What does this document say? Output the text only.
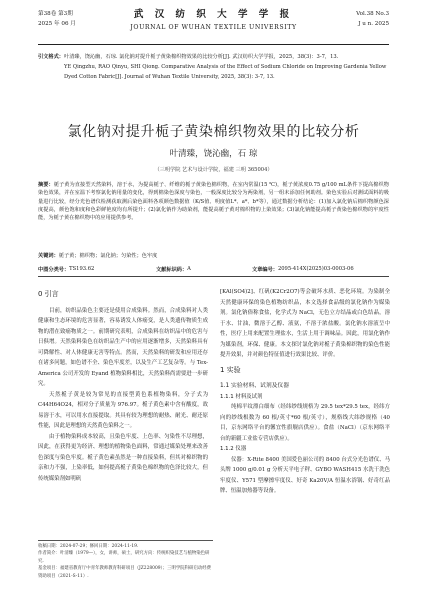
第38卷 第3期
2025 年 06 月
武 汉 纺 织 大 学 学 报
JOURNAL OF WUHAN TEXTILE UNIVERSITY
Vol.38 No.3
J u n. 2025
引文格式： 叶清臻，饶沁幽，石琼. 氯化钠对提升栀子黄染棉织物效果的比较分析[J]. 武汉纺织大学学报，2025，38(3)：3-7，13.
YE Qingzhu, RAO Qinyu, SHI Qiong. Comparative Analysis of the Effect of Sodium Chloride on Improving Gardenia Yellow Dyed Cotton Fabric[J]. Journal of Wuhan Textile University, 2025, 38(3): 3-7, 13.
氯化钠对提升栀子黄染棉织物效果的比较分析
叶清臻，饶沁幽，石 琼
（三明学院 艺术与设计学院，福建 三明 365004）
摘要：栀子黄为直接型天然染料，溶于水，为提高栀子、纤维的栀子黄染色棉织物，在室内常温(15 ℃)，栀子黄浓度0.75 g/100 mL条件下提高棉织物染色效果，并在室温下考察氯化钠用量的变化，得到棉染色深度与染色，一般深度比较分为两染剂，另一组未添加任何助剂。染色实验后对测试面料的吸量进行比较，经分光色谱仪检测获取测后染色面料各项颜色数据值（K/S值、明度值L*、a*、b*等），通过数据分析结论：(1)加入氯化钠后棉织物颜色深度提高，颜色饱和度和色彩鲜艳度均有所提升；(2)氯化钠作为助染剂，能提高栀子黄对棉织物的上染效果；(3)氯化钠能提高栀子黄染色棉织物的牢度性能，为栀子黄在棉织物中的应用提供参考。
关键词：栀子黄；棉织物；氯化钠；匀染性；色牢度
中图分类号： TS193.62	文献标识码： A	文章编号： 2095-414X(2025)03-0003-06
0 引言

目前，纺织品染色主要还是使用合成染料。然而，合成染料对人类健康和生态环境的危害显著，容易诱发人体癌变，是人类遗传物质生成物的潜在致癌物质之一。前期研究表明，合成染料在纺织品中的危害与日俱增。天然染料染色在纺织品生产中的应用逐渐增多，天然染料具有可降解性、对人体健康无害等特点。然而，天然染料的研发和应用还存在诸多问题，如色谱不全、染色牢度差，以及生产工艺复杂等。与 Tex-America 公司开发的 Eyand 植物染料相比，天然染料尚需要进一步研究。

天然栀子黄是较为常见的直接型黄色系植物染料，分子式为 C44H64O24，相对分子质量为 976.97。栀子黄色素中含有酸度，故易溶于水，可以用水直接提取。其具有较为理想的耐热、耐光、耐还原性能，因此是理想的天然黄色染料之一。

由于植物染料成本较高，且染色牢度、上色率、匀染性不尽理想，因此，在获得更为经济、理想的植物染色面料，常通过媒染处理来改善色深度与染色牢度。栀子黄色素虽然是一种直接染料，但其对棉织物的亲和力不强，上染率低，如何提高栀子黄染色棉织物的色泽比较大，但传统媒染剂如明矾

[KAl(SO4)2]、红矾(K2Cr2O7)等会破坏水质、恶化环境。为染制全天然健康环保的染色植物纺织品，本文选择食品级的氯化钠作为媒染剂。氯化钠俗称食盐，化学式为 NaCl，无色立方结晶或白色结晶，溶于水、甘油，微溶于乙醇、液氨，不溶于浓盐酸。氯化钠水溶液呈中性，医疗上用来配置生理盐水，生活上用于调味品。因此，用氯化钠作为媒染剂，环保、健康。本文探讨氯化钠对栀子黄染棉织物的染色性能提升效果，并对颜色特征值进行效果比较、评价。

1 实验
1.1 实验材料、试剂及仪器
1.1.1 材料及试剂

纯棉平纹漂白细布（经纬纱线规格为 29.5 tex*29.5 tex，经纬方向的纱线根数为 60 根/英寸*60 根/英寸），规格线大纬纱规格（40 目，京东网络平台的馨宜性旗舰店供应）。食盐（NaCl）（京东网络平台的新疆工业盐专营店供应）。

1.1.2 仪器

仪器：X-Rite 8400 美国爱色丽公司的 8400 台式分光色谱仪、马头牌 1000 g/0.01 g 分析天平电子秤、GYBO WASH415 水洗干洗色牢度仪、Y571 型摩擦牢度仪、好奇 Ka20V/A 恒温水浴锅、好奇红品牌、恒温加热器等设备。

收稿日期：2024-07-29；修回日期：2024-11-19.
作者简介：叶清臻（1979—），女，讲师，硕士，研究方向：传统织染技艺与植物染色研究.
基金项目：福建省教育厅中青年教师教育科研项目（JZ228009）；三明学院科研启动经费资助项目（2021-S-11）.
